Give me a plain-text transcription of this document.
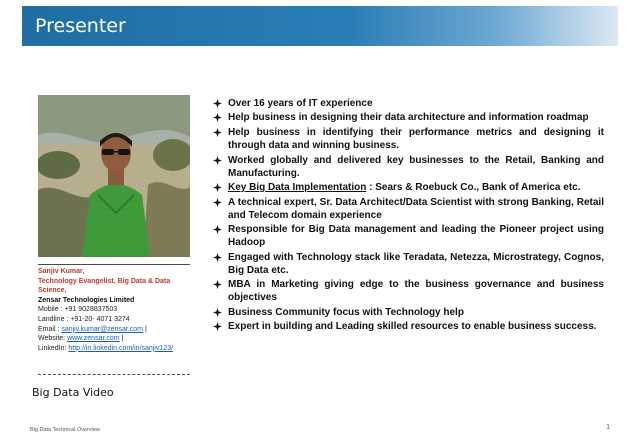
Presenter
Sanjiv Kumar,
Technology Evangelist, Big Data & Data Science,
Zensar Technologies Limited
Mobile : +91 9028837503
Landline : +91-20- 4071 3274
Email : sanjiv.kumar@zensar.com |
Website: www.zensar.com |
LinkedIn: http://in.linkedin.com/in/sanjiv123/
Big Data Video
Over 16 years of IT experience
Help business in designing their data architecture and information roadmap
Help business in identifying their performance metrics and designing it through data and winning business.
Worked globally and delivered key businesses to the Retail, Banking and Manufacturing.
Key Big Data Implementation : Sears & Roebuck Co., Bank of America etc.
A technical expert, Sr. Data Architect/Data Scientist with strong Banking, Retail and Telecom domain experience
Responsible for Big Data management and leading the Pioneer project using Hadoop
Engaged with Technology stack like Teradata, Netezza, Microstrategy, Cognos, Big Data etc.
MBA in Marketing giving edge to the business governance and business objectives
Business Community focus with Technology help
Expert in building and Leading skilled resources to enable business success.
Big Data Technical Overview	1
